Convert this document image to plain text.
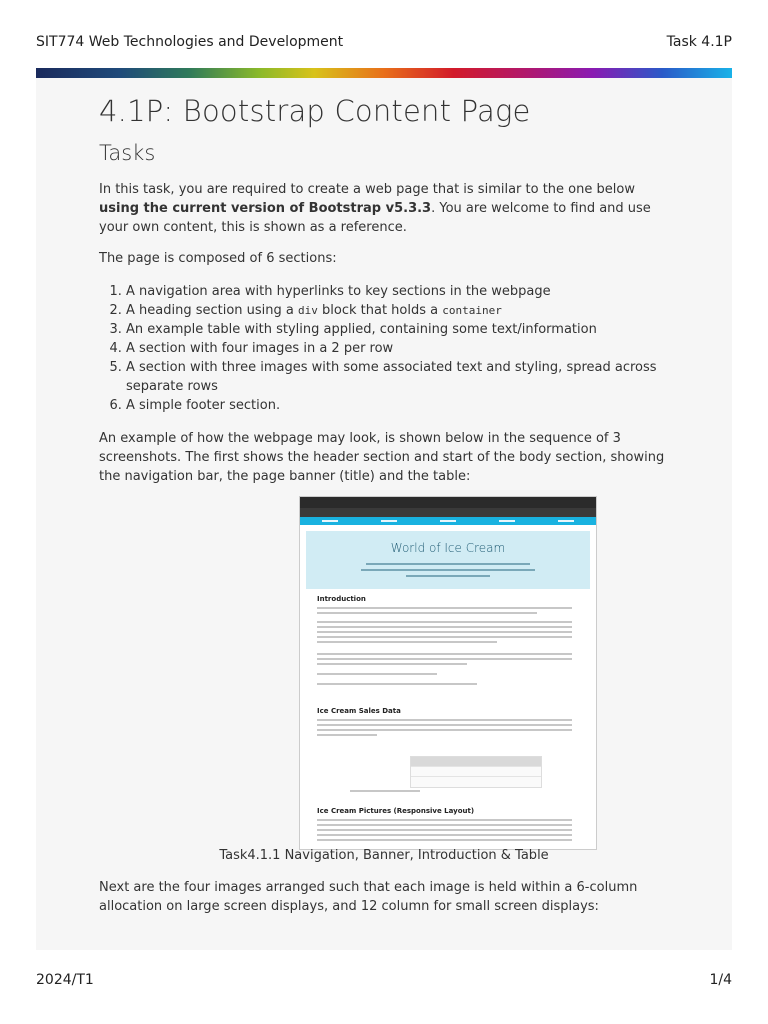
SIT774 Web Technologies and Development	Task 4.1P
4.1P: Bootstrap Content Page
Tasks
In this task, you are required to create a web page that is similar to the one below using the current version of Bootstrap v5.3.3. You are welcome to find and use your own content, this is shown as a reference.
The page is composed of 6 sections:
1. A navigation area with hyperlinks to key sections in the webpage
2. A heading section using a div block that holds a container
3. An example table with styling applied, containing some text/information
4. A section with four images in a 2 per row
5. A section with three images with some associated text and styling, spread across separate rows
6. A simple footer section.
An example of how the webpage may look, is shown below in the sequence of 3 screenshots. The first shows the header section and start of the body section, showing the navigation bar, the page banner (title) and the table:
World of Ice Cream
Introduction
Ice Cream Sales Data
Ice Cream Pictures (Responsive Layout)
Task4.1.1 Navigation, Banner, Introduction & Table
Next are the four images arranged such that each image is held within a 6-column allocation on large screen displays, and 12 column for small screen displays:
2024/T1	1/4
